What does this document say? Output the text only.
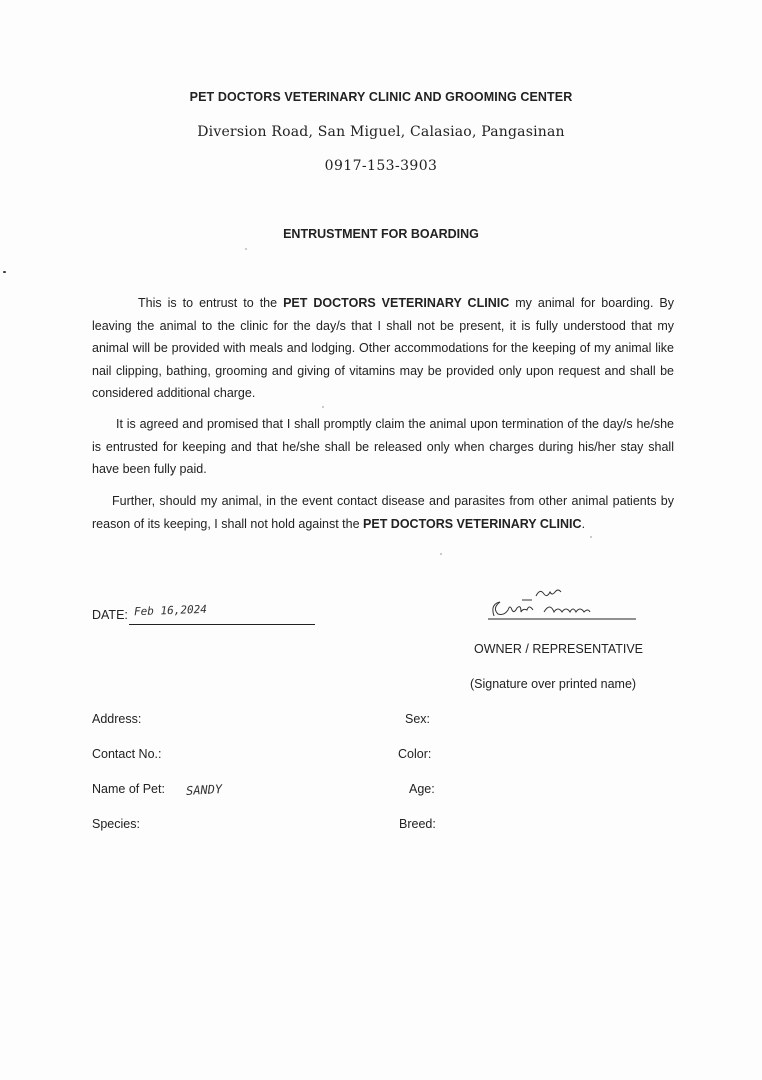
PET DOCTORS VETERINARY CLINIC AND GROOMING CENTER
Diversion Road, San Miguel, Calasiao, Pangasinan
0917-153-3903
ENTRUSTMENT FOR BOARDING
This is to entrust to the PET DOCTORS VETERINARY CLINIC my animal for boarding. By leaving the animal to the clinic for the day/s that I shall not be present, it is fully understood that my animal will be provided with meals and lodging. Other accommodations for the keeping of my animal like nail clipping, bathing, grooming and giving of vitamins may be provided only upon request and shall be considered additional charge.
It is agreed and promised that I shall promptly claim the animal upon termination of the day/s he/she is entrusted for keeping and that he/she shall be released only when charges during his/her stay shall have been fully paid.
Further, should my animal, in the event contact disease and parasites from other animal patients by reason of its keeping, I shall not hold against the PET DOCTORS VETERINARY CLINIC.
DATE: Feb 16,2024
OWNER / REPRESENTATIVE
(Signature over printed name)
Address:
Contact No.:
Name of Pet: SANDY
Species:
Sex:
Color:
Age:
Breed:
